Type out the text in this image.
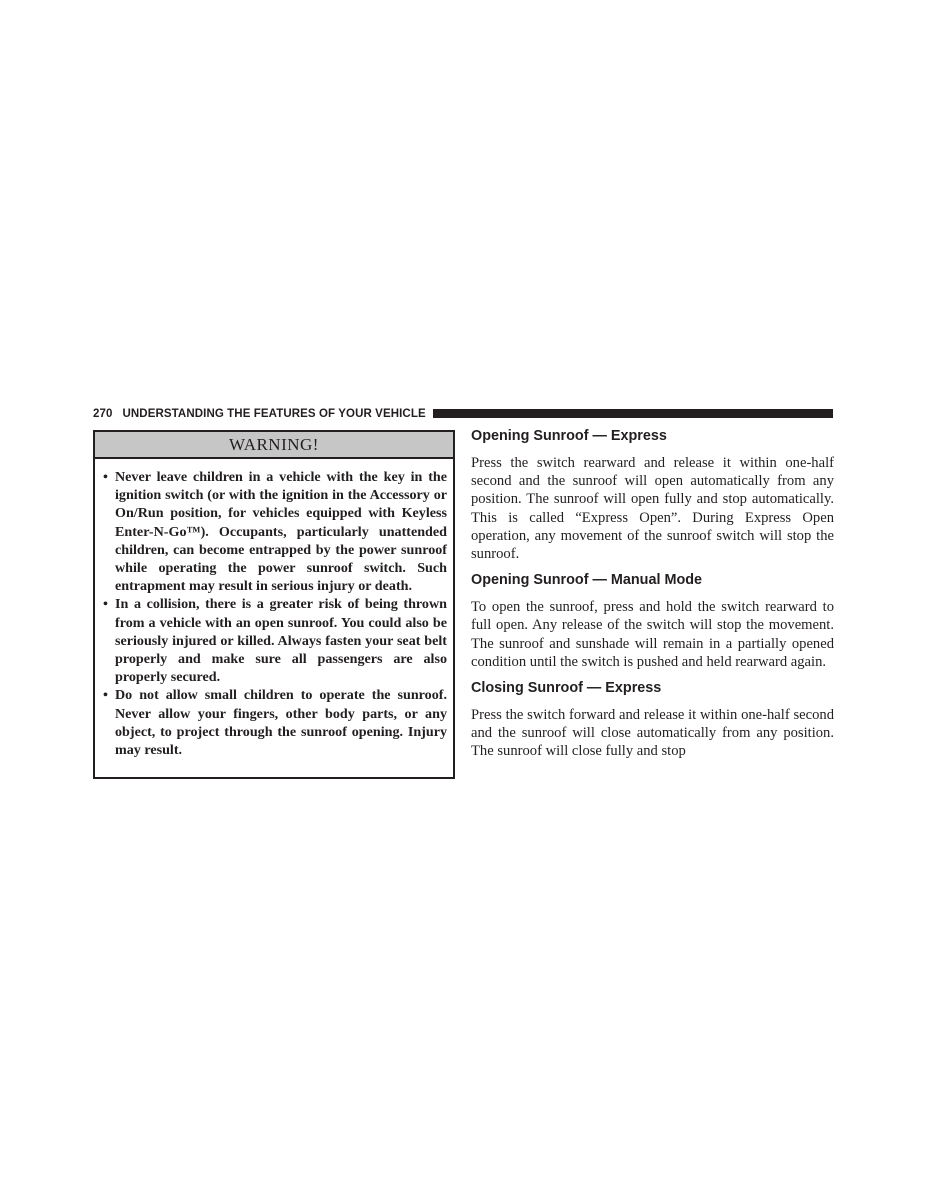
270 UNDERSTANDING THE FEATURES OF YOUR VEHICLE
WARNING!
• Never leave children in a vehicle with the key in the ignition switch (or with the ignition in the Accessory or On/Run position, for vehicles equipped with Keyless Enter-N-Go™). Occupants, particularly unattended children, can become entrapped by the power sunroof while operating the power sunroof switch. Such entrapment may result in serious injury or death.
• In a collision, there is a greater risk of being thrown from a vehicle with an open sunroof. You could also be seriously injured or killed. Always fasten your seat belt properly and make sure all passengers are also properly secured.
• Do not allow small children to operate the sunroof. Never allow your fingers, other body parts, or any object, to project through the sunroof opening. Injury may result.
Opening Sunroof — Express

Press the switch rearward and release it within one-half second and the sunroof will open automatically from any position. The sunroof will open fully and stop automatically. This is called “Express Open”. During Express Open operation, any movement of the sunroof switch will stop the sunroof.

Opening Sunroof — Manual Mode

To open the sunroof, press and hold the switch rearward to full open. Any release of the switch will stop the movement. The sunroof and sunshade will remain in a partially opened condition until the switch is pushed and held rearward again.

Closing Sunroof — Express

Press the switch forward and release it within one-half second and the sunroof will close automatically from any position. The sunroof will close fully and stop
